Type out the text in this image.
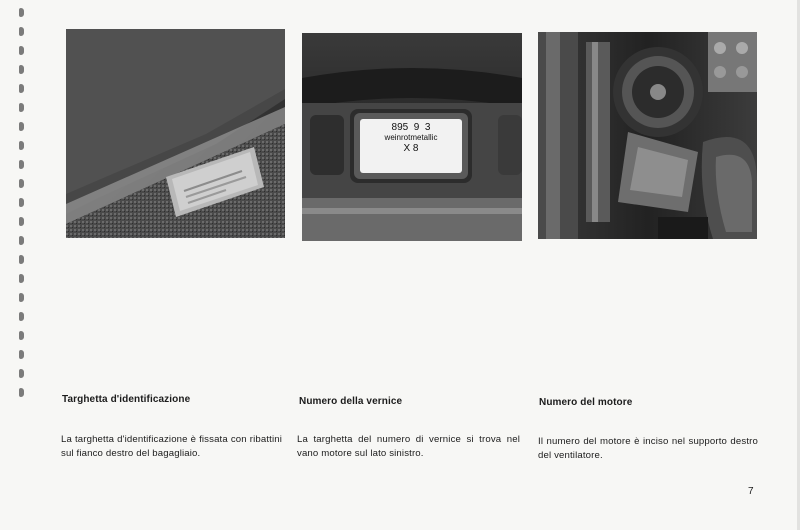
895  9  3
weinrotmetallic
X 8
Targhetta d'identificazione
La targhetta d'identificazione è fissata con ribattini sul fianco destro del bagagliaio.
Numero della vernice
La targhetta del numero di vernice si trova nel vano motore sul lato sinistro.
Numero del motore
Il numero del motore è inciso nel supporto destro del ventilatore.
7
